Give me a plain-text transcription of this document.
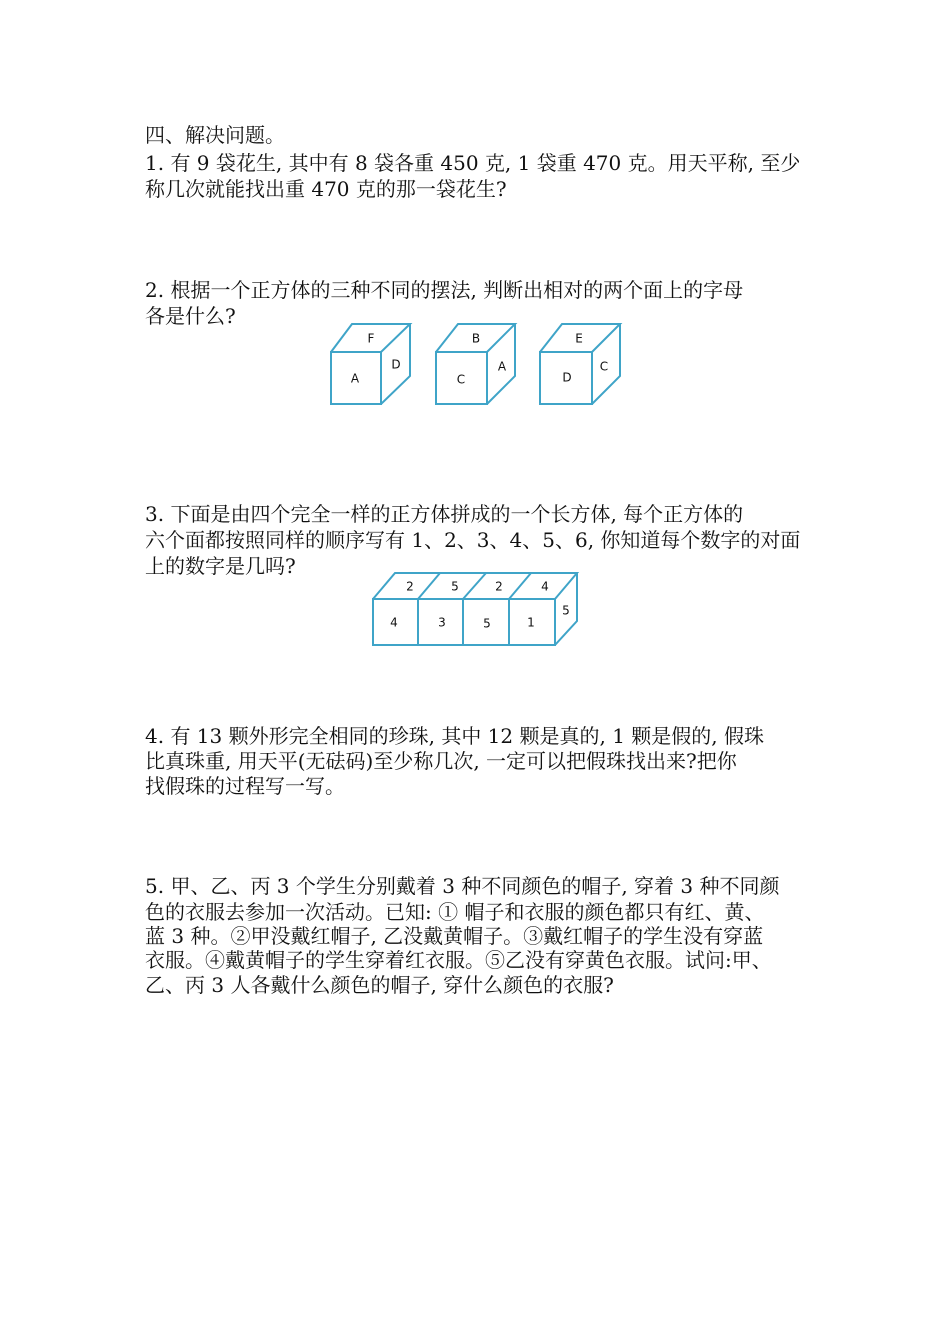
四、解决问题。
1. 有 9 袋花生, 其中有 8 袋各重 450 克, 1 袋重 470 克。用天平称, 至少
称几次就能找出重 470 克的那一袋花生?
2. 根据一个正方体的三种不同的摆法, 判断出相对的两个面上的字母
各是什么?
F
A
D
B
C
A
E
D
C
3. 下面是由四个完全一样的正方体拼成的一个长方体, 每个正方体的
六个面都按照同样的顺序写有 1、2、3、4、5、6, 你知道每个数字的对面
上的数字是几吗?
2	5	2	4
4	3	5	1
5
4. 有 13 颗外形完全相同的珍珠, 其中 12 颗是真的, 1 颗是假的, 假珠
比真珠重, 用天平(无砝码)至少称几次, 一定可以把假珠找出来?把你
找假珠的过程写一写。
5. 甲、乙、丙 3 个学生分别戴着 3 种不同颜色的帽子, 穿着 3 种不同颜
色的衣服去参加一次活动。已知: ① 帽子和衣服的颜色都只有红、黄、
蓝 3 种。②甲没戴红帽子, 乙没戴黄帽子。③戴红帽子的学生没有穿蓝
衣服。④戴黄帽子的学生穿着红衣服。⑤乙没有穿黄色衣服。试问:甲、
乙、丙 3 人各戴什么颜色的帽子, 穿什么颜色的衣服?
